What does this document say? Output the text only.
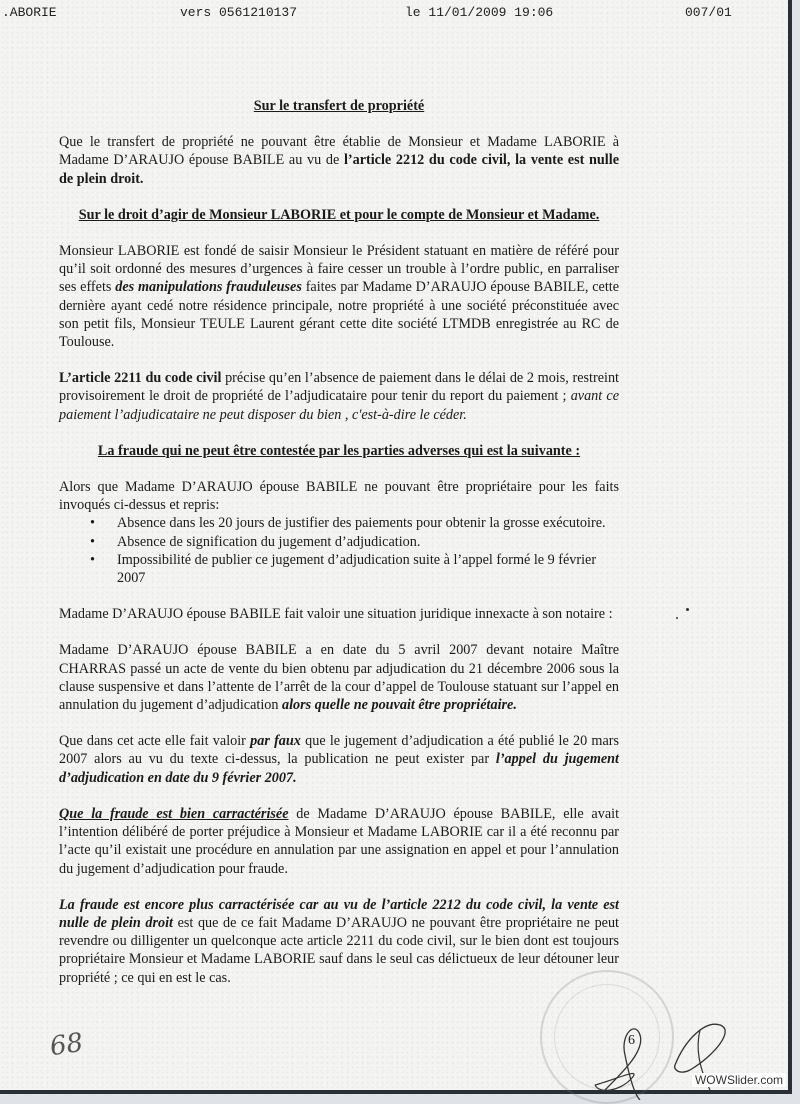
.ABORIE	vers 0561210137	le 11/01/2009 19:06	007/01

Sur le transfert de propriété

Que le transfert de propriété ne pouvant être établie de Monsieur et Madame LABORIE à Madame D’ARAUJO épouse BABILE au vu de l’article 2212 du code civil, la vente est nulle de plein droit.

Sur le droit d’agir de Monsieur LABORIE et pour le compte de Monsieur et Madame.

Monsieur LABORIE est fondé de saisir Monsieur le Président statuant en matière de référé pour qu’il soit ordonné des mesures d’urgences à faire cesser un trouble à l’ordre public, en parraliser ses effets des manipulations frauduleuses faites par Madame D’ARAUJO épouse BABILE, cette dernière ayant cedé notre résidence principale, notre propriété à une société préconstituée avec son petit fils, Monsieur TEULE Laurent gérant cette dite société LTMDB enregistrée au RC de Toulouse.

L’article 2211 du code civil précise qu’en l’absence de paiement dans le délai de 2 mois, restreint provisoirement le droit de propriété de l’adjudicataire pour tenir du report du paiement ; avant ce paiement l’adjudicataire ne peut disposer du bien , c'est-à-dire le céder.

La fraude qui ne peut être contestée par les parties adverses qui est la suivante :

Alors que Madame D’ARAUJO épouse BABILE ne pouvant être propriétaire pour les faits invoqués ci-dessus et repris:

• Absence dans les 20 jours de justifier des paiements pour obtenir la grosse exécutoire.
• Absence de signification du jugement d’adjudication.
• Impossibilité de publier ce jugement d’adjudication suite à l’appel formé le 9 février 2007

Madame D’ARAUJO épouse BABILE fait valoir une situation juridique innexacte à son notaire :

Madame D’ARAUJO épouse BABILE a en date du 5 avril 2007 devant notaire Maître CHARRAS passé un acte de vente du bien obtenu par adjudication du 21 décembre 2006 sous la clause suspensive et dans l’attente de l’arrêt de la cour d’appel de Toulouse statuant sur l’appel en annulation du jugement d’adjudication alors quelle ne pouvait être propriétaire.

Que dans cet acte elle fait valoir par faux que le jugement d’adjudication a été publié le 20 mars 2007 alors au vu du texte ci-dessus, la publication ne peut exister par l’appel du jugement d’adjudication en date du 9 février 2007.

Que la fraude est bien carractérisée de Madame D’ARAUJO épouse BABILE, elle avait l’intention délibéré de porter préjudice à Monsieur et Madame LABORIE car il a été reconnu par l’acte qu’il existait une procédure en annulation par une assignation en appel et pour l’annulation du jugement d’adjudication pour fraude.

La fraude est encore plus carractérisée car au vu de l’article 2212 du code civil, la vente est nulle de plein droit est que de ce fait Madame D’ARAUJO ne pouvant être propriétaire ne peut revendre ou dilligenter un quelconque acte article 2211 du code civil, sur le bien dont est toujours propriétaire Monsieur et Madame LABORIE sauf dans le seul cas délictueux de leur détouner leur propriété ; ce qui en est le cas.

68	6
WOWSlider.com
